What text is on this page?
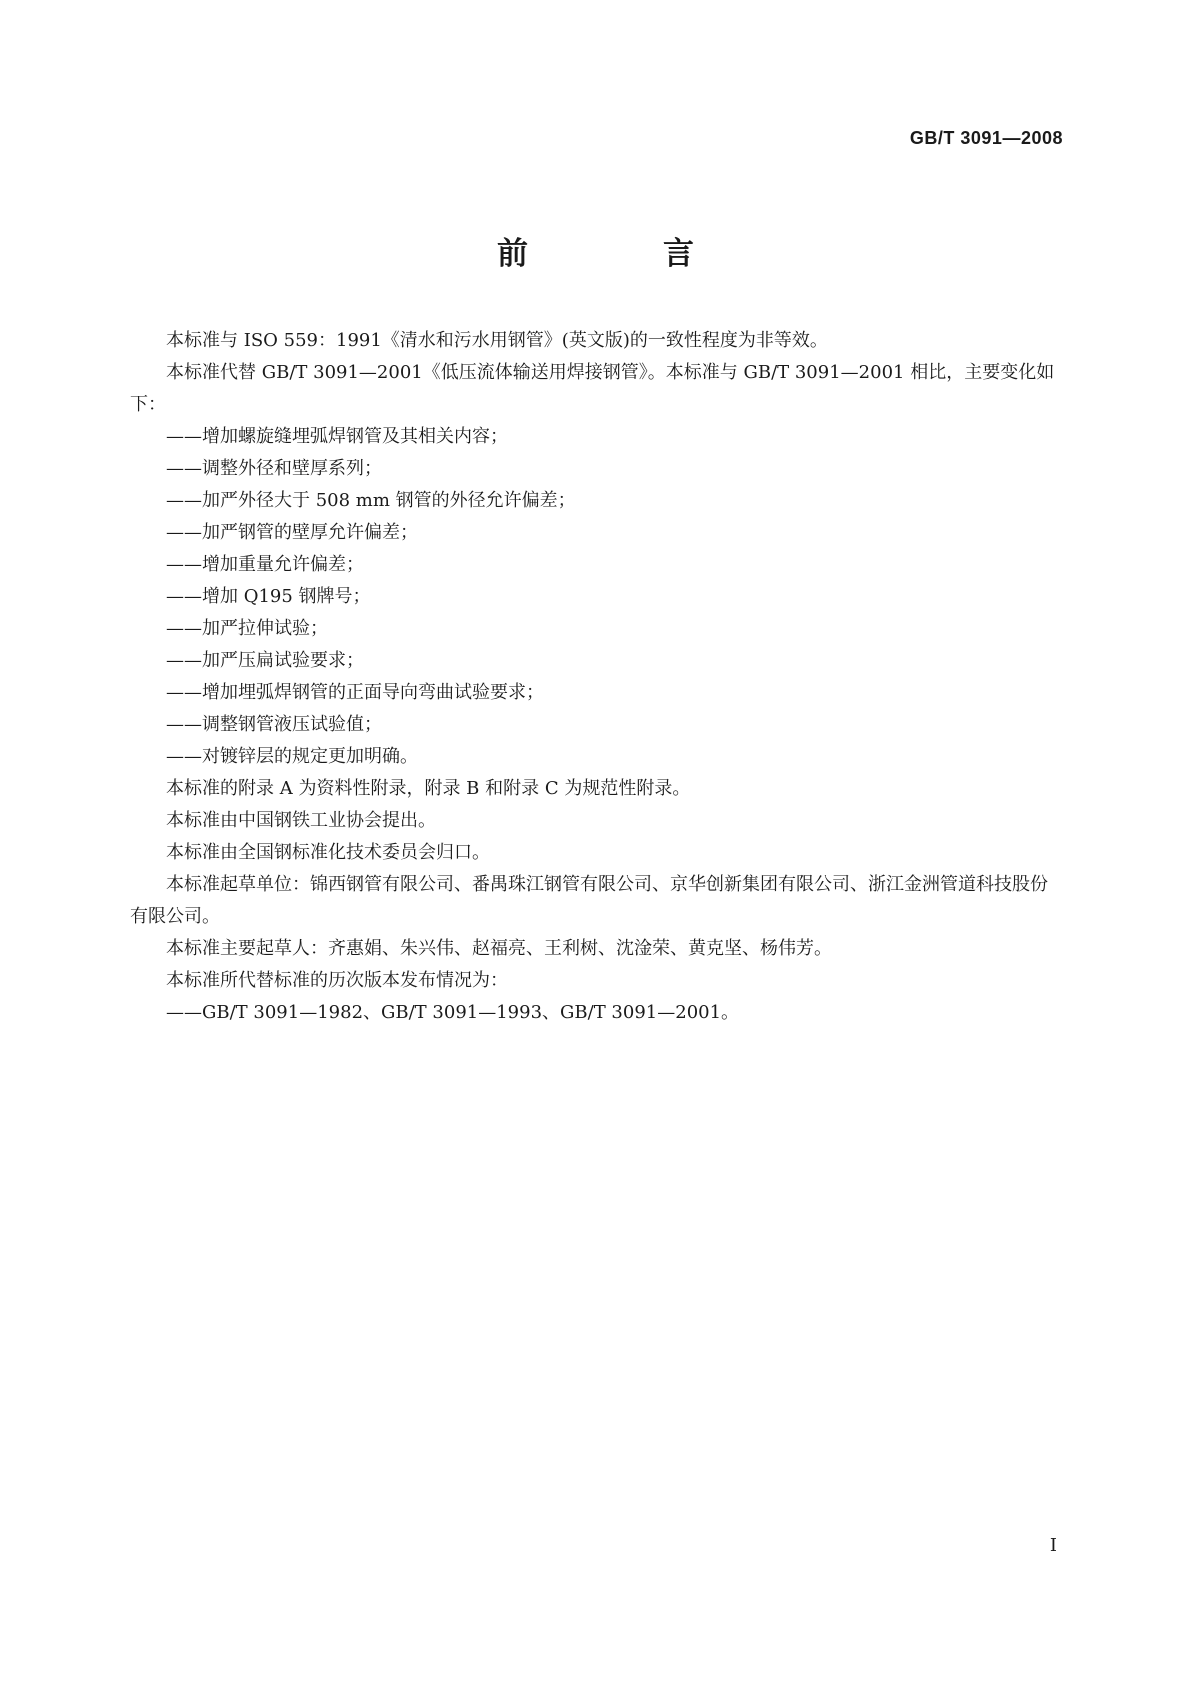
GB/T 3091—2008
前　言

本标准与 ISO 559：1991《清水和污水用钢管》(英文版)的一致性程度为非等效。

本标准代替 GB/T 3091—2001《低压流体输送用焊接钢管》。本标准与 GB/T 3091—2001 相比，主要变化如下：

——增加螺旋缝埋弧焊钢管及其相关内容；

——调整外径和壁厚系列；

——加严外径大于 508 mm 钢管的外径允许偏差；

——加严钢管的壁厚允许偏差；

——增加重量允许偏差；

——增加 Q195 钢牌号；

——加严拉伸试验；

——加严压扁试验要求；

——增加埋弧焊钢管的正面导向弯曲试验要求；

——调整钢管液压试验值；

——对镀锌层的规定更加明确。

本标准的附录 A 为资料性附录，附录 B 和附录 C 为规范性附录。

本标准由中国钢铁工业协会提出。

本标准由全国钢标准化技术委员会归口。

本标准起草单位：锦西钢管有限公司、番禺珠江钢管有限公司、京华创新集团有限公司、浙江金洲管道科技股份有限公司。

本标准主要起草人：齐惠娟、朱兴伟、赵福亮、王利树、沈淦荣、黄克坚、杨伟芳。

本标准所代替标准的历次版本发布情况为：

——GB/T 3091—1982、GB/T 3091—1993、GB/T 3091—2001。

I
